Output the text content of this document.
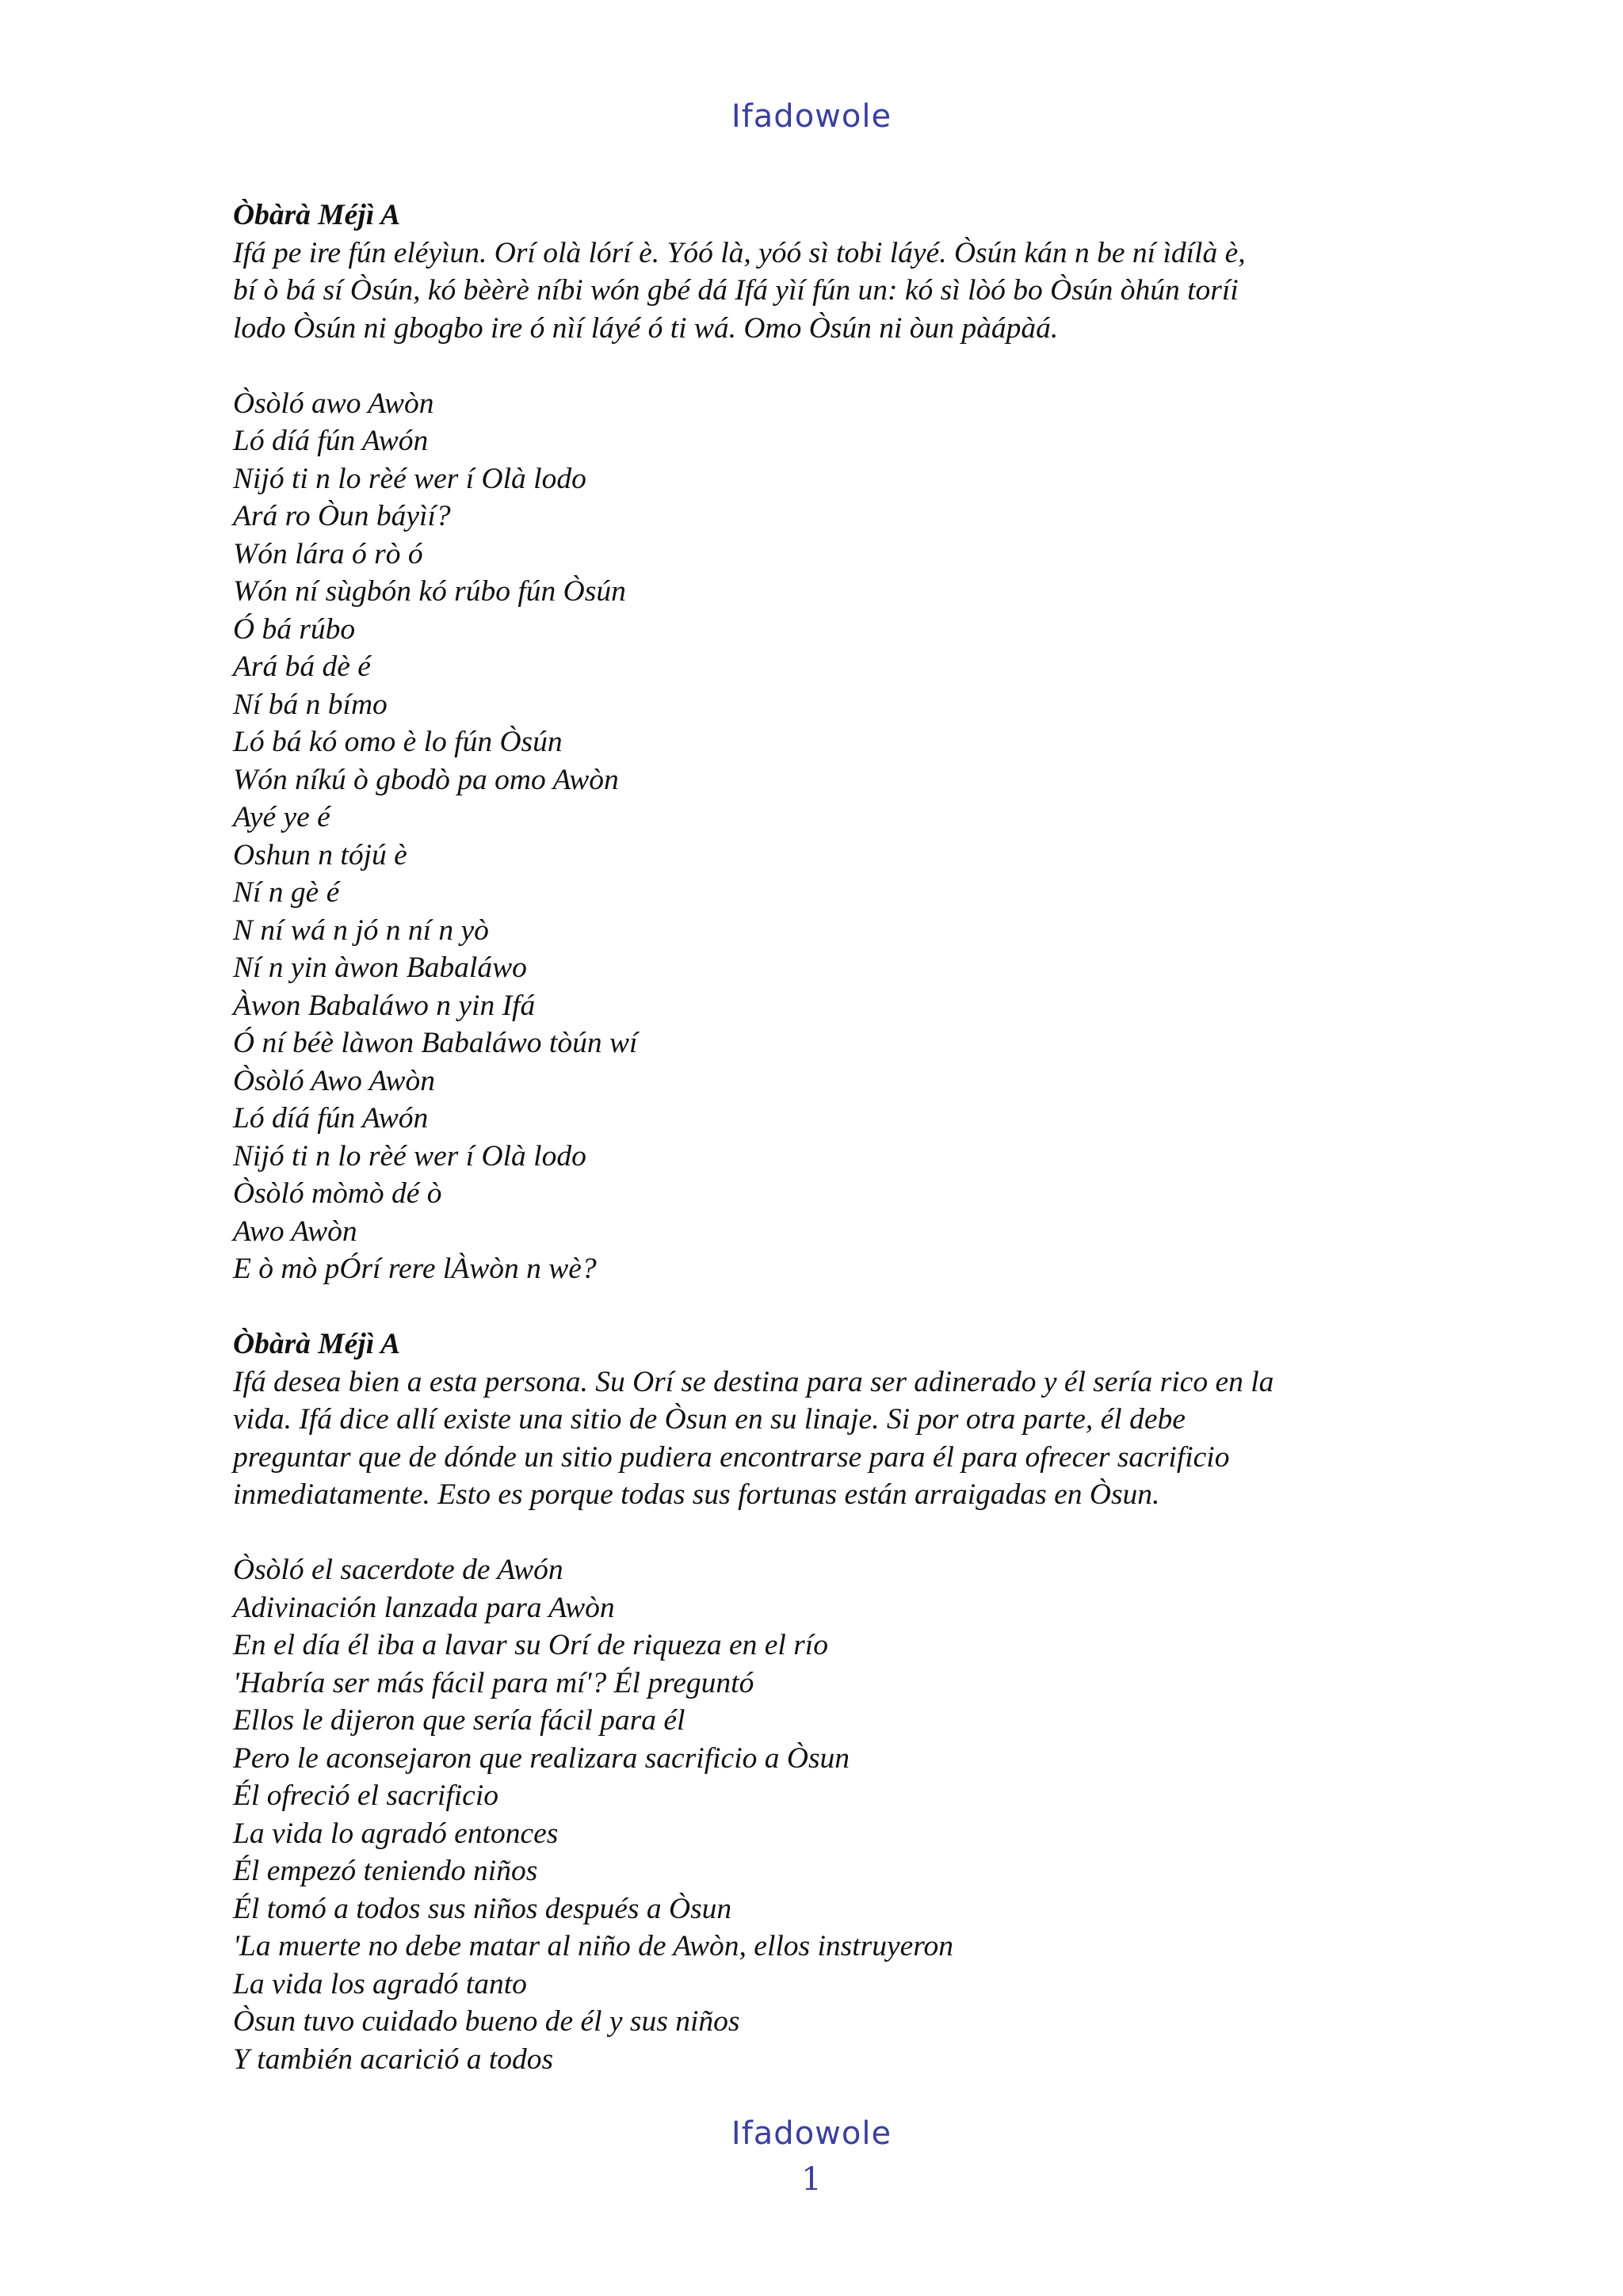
Ifadowole
Òbàrà Méjì A
Ifá pe ire fún eléyìun. Orí olà lórí è. Yóó là, yóó sì tobi láyé. Òsún kán n be ní ìdílà è,
bí ò bá sí Òsún, kó bèèrè níbi wón gbé dá Ifá yìí fún un: kó sì lòó bo Òsún òhún toríi
lodo Òsún ni gbogbo ire ó nìí láyé ó ti wá. Omo Òsún ni òun pàápàá.
Òsòló awo Awòn
Ló díá fún Awón
Nijó ti n lo rèé wer í Olà lodo
Ará ro Òun báyìí?
Wón lára ó rò ó
Wón ní sùgbón kó rúbo fún Òsún
Ó bá rúbo
Ará bá dè é
Ní bá n bímo
Ló bá kó omo è lo fún Òsún
Wón níkú ò gbodò pa omo Awòn
Ayé ye é
Oshun n tójú è
Ní n gè é
N ní wá n jó n ní n yò
Ní n yin àwon Babaláwo
Àwon Babaláwo n yin Ifá
Ó ní béè làwon Babaláwo tòún wí
Òsòló Awo Awòn
Ló díá fún Awón
Nijó ti n lo rèé wer í Olà lodo
Òsòló mòmò dé ò
Awo Awòn
E ò mò pÓrí rere lÀwòn n wè?
Òbàrà Méjì A
Ifá desea bien a esta persona. Su Orí se destina para ser adinerado y él sería rico en la
vida. Ifá dice allí existe una sitio de Òsun en su linaje. Si por otra parte, él debe
preguntar que de dónde un sitio pudiera encontrarse para él para ofrecer sacrificio
inmediatamente. Esto es porque todas sus fortunas están arraigadas en Òsun.
Òsòló el sacerdote de Awón
Adivinación lanzada para Awòn
En el día él iba a lavar su Orí de riqueza en el río
'Habría ser más fácil para mí'? Él preguntó
Ellos le dijeron que sería fácil para él
Pero le aconsejaron que realizara sacrificio a Òsun
Él ofreció el sacrificio
La vida lo agradó entonces
Él empezó teniendo niños
Él tomó a todos sus niños después a Òsun
'La muerte no debe matar al niño de Awòn, ellos instruyeron
La vida los agradó tanto
Òsun tuvo cuidado bueno de él y sus niños
Y también acarició a todos
Ifadowole
1
